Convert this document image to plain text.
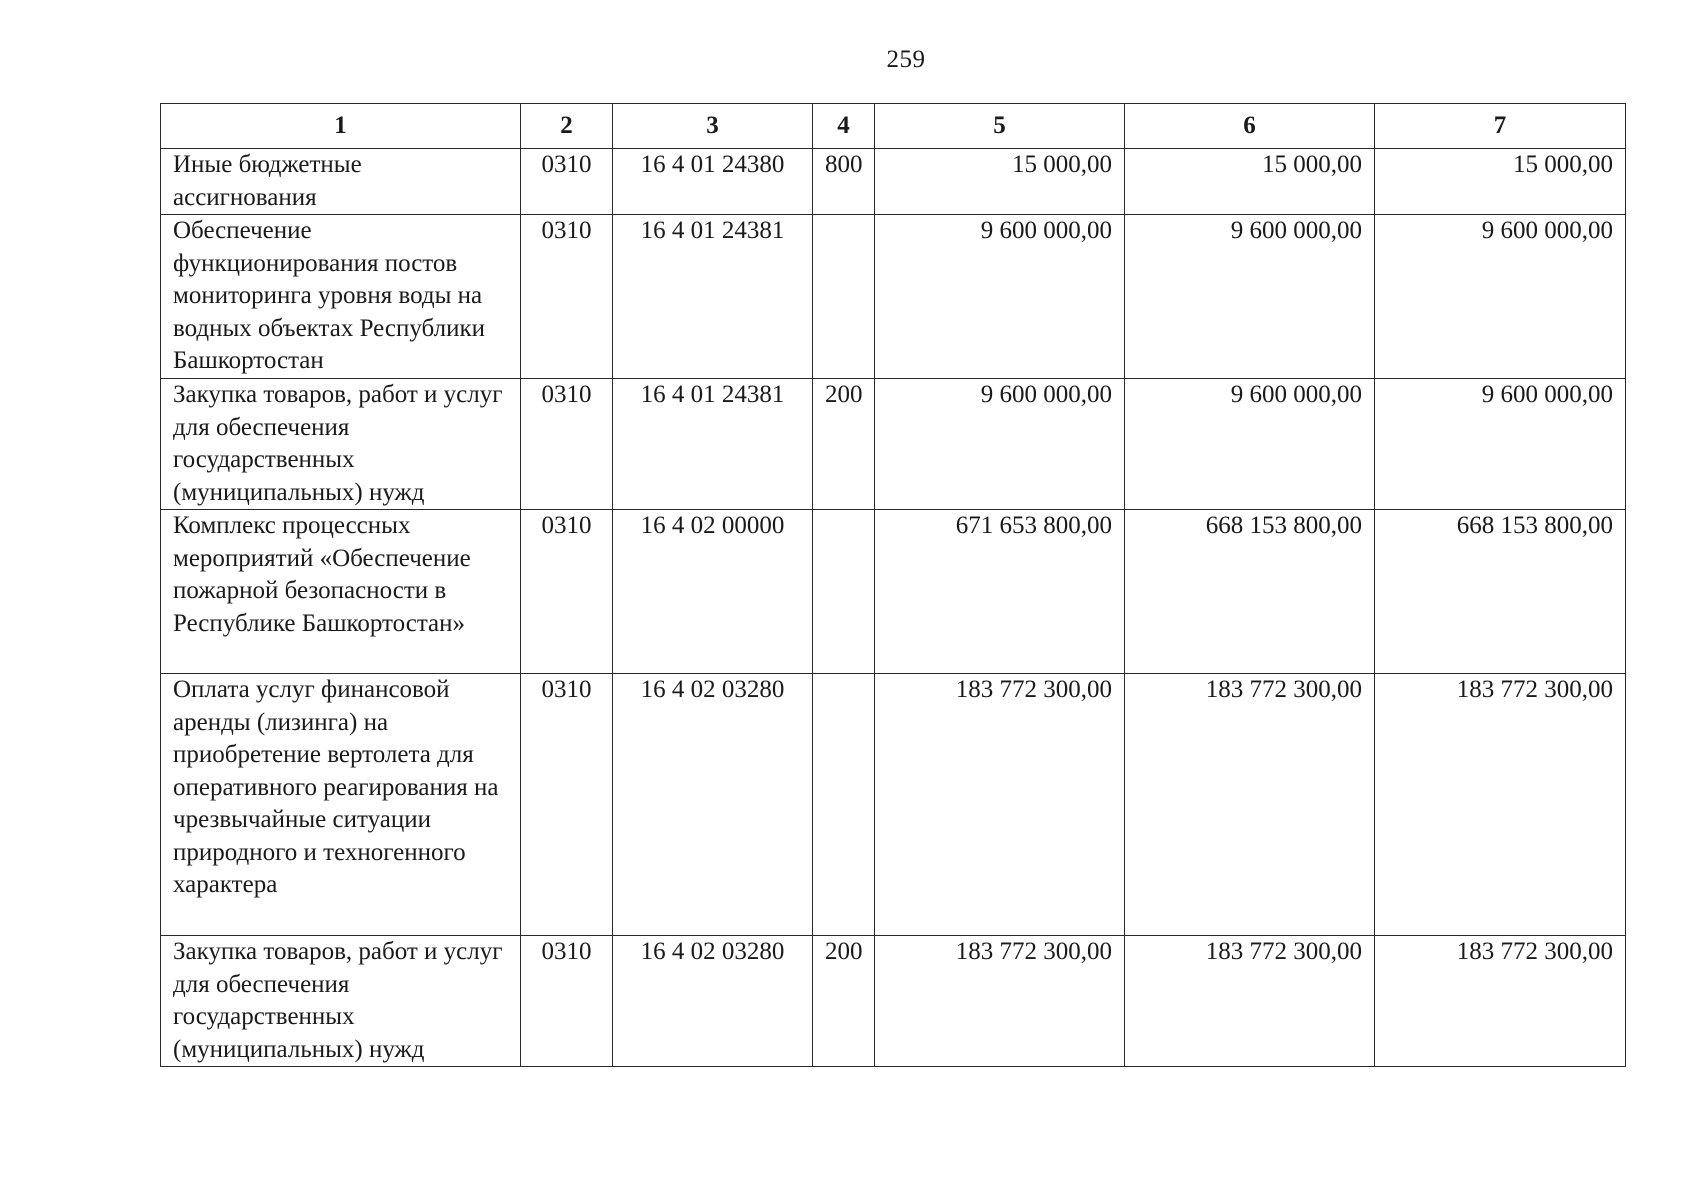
259
1	2	3	4	5	6	7
Иные бюджетные ассигнования	0310	16 4 01 24380	800	15 000,00	15 000,00	15 000,00
Обеспечение функционирования постов мониторинга уровня воды на водных объектах Республики Башкортостан	0310	16 4 01 24381		9 600 000,00	9 600 000,00	9 600 000,00
Закупка товаров, работ и услуг для обеспечения государственных (муниципальных) нужд	0310	16 4 01 24381	200	9 600 000,00	9 600 000,00	9 600 000,00
Комплекс процессных мероприятий «Обеспечение пожарной безопасности в Республике Башкортостан»	0310	16 4 02 00000		671 653 800,00	668 153 800,00	668 153 800,00
Оплата услуг финансовой аренды (лизинга) на приобретение вертолета для оперативного реагирования на чрезвычайные ситуации природного и техногенного характера	0310	16 4 02 03280		183 772 300,00	183 772 300,00	183 772 300,00
Закупка товаров, работ и услуг для обеспечения государственных (муниципальных) нужд	0310	16 4 02 03280	200	183 772 300,00	183 772 300,00	183 772 300,00
